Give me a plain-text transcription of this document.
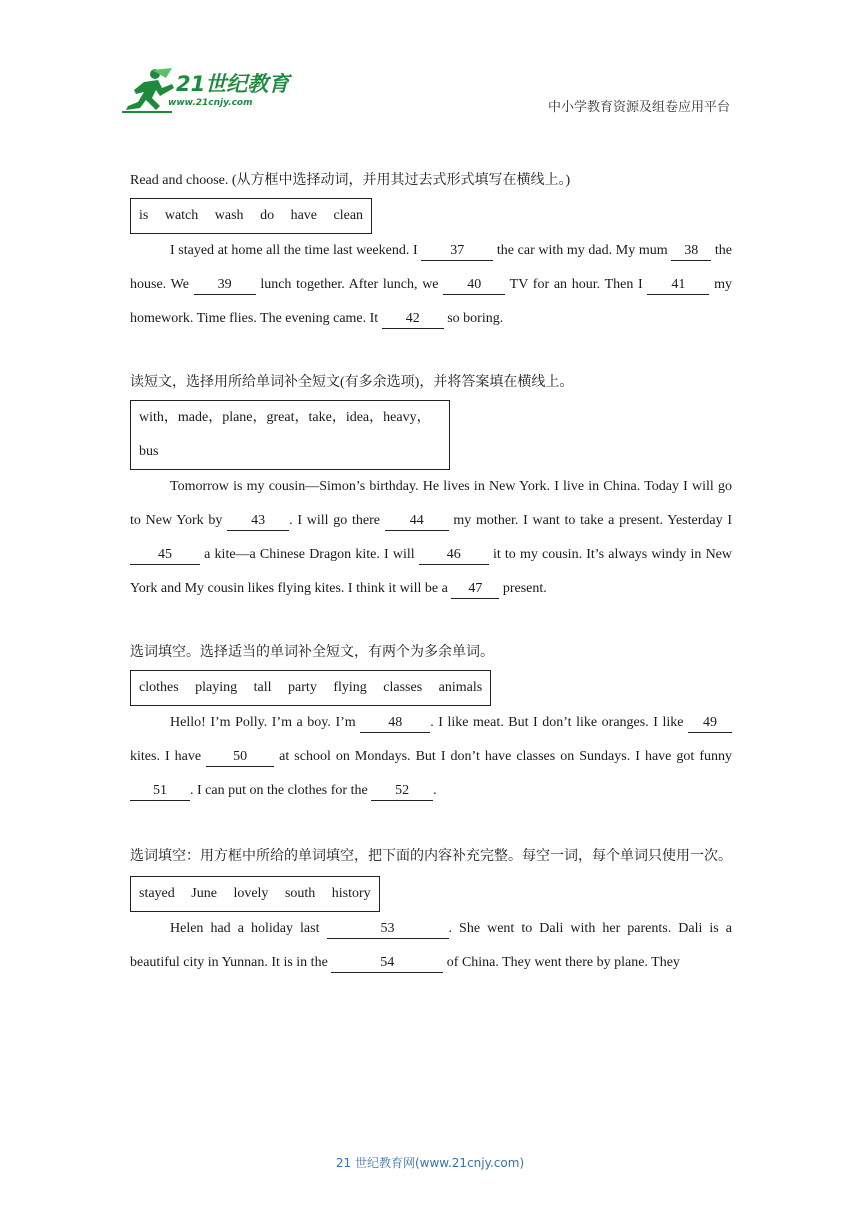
21世纪教育
www.21cnjy.com	中小学教育资源及组卷应用平台
Read and choose. (从方框中选择动词，并用其过去式形式填写在横线上。)
is watch wash do have clean

I stayed at home all the time last weekend. I 37 the car with my dad. My mum 38 the house. We 39 lunch together. After lunch, we 40 TV for an hour. Then I 41 my homework. Time flies. The evening came. It 42 so boring.

读短文，选择用所给单词补全短文(有多余选项)，并将答案填在横线上。
with，made，plane，great，take，idea，heavy，bus

Tomorrow is my cousin—Simon’s birthday. He lives in New York. I live in China. Today I will go to New York by 43 . I will go there 44 my mother. I want to take a present. Yesterday I 45 a kite—a Chinese Dragon kite. I will 46 it to my cousin. It’s always windy in New York and My cousin likes flying kites. I think it will be a 47 present.

选词填空。选择适当的单词补全短文，有两个为多余单词。
clothes playing tall party flying classes animals

Hello! I’m Polly. I’m a boy. I’m 48 . I like meat. But I don’t like oranges. I like 49 kites. I have 50 at school on Mondays. But I don’t have classes on Sundays. I have got funny 51 . I can put on the clothes for the 52 .

选词填空：用方框中所给的单词填空，把下面的内容补充完整。每空一词，每个单词只使用一次。

stayed June lovely south history

Helen had a holiday last	53	. She went to Dali with her parents. Dali is a beautiful city in Yunnan. It is in the	54	of China. They went there by plane. They

21 世纪教育网(www.21cnjy.com)
